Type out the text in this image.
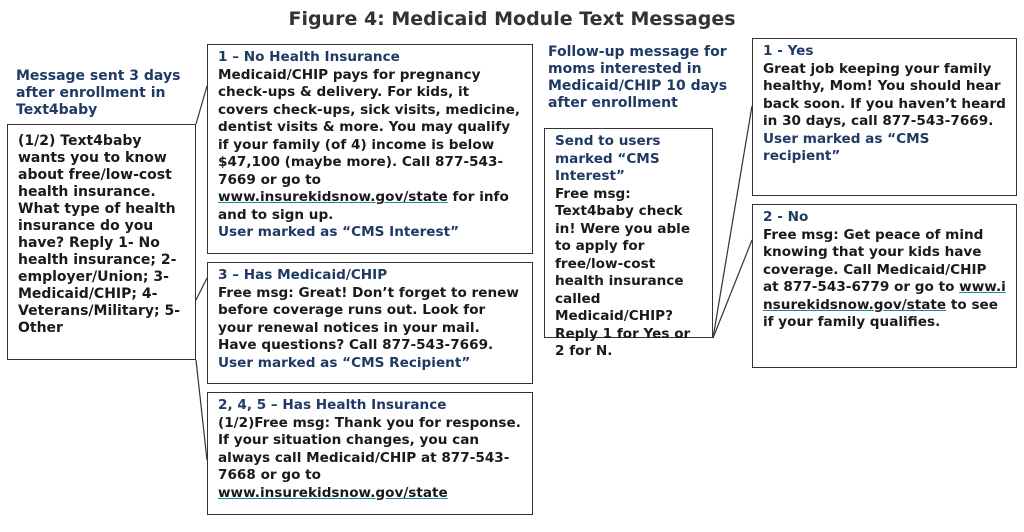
Figure 4: Medicaid Module Text Messages
Message sent 3 days after enrollment in Text4baby
Follow-up message for moms interested in Medicaid/CHIP 10 days after enrollment
(1/2) Text4baby wants you to know about free/low-cost health insurance. What type of health insurance do you have? Reply 1- No health insurance; 2-employer/Union; 3-Medicaid/CHIP; 4-Veterans/Military; 5-Other
1 – No Health Insurance
Medicaid/CHIP pays for pregnancy check-ups & delivery. For kids, it covers check-ups, sick visits, medicine, dentist visits & more. You may qualify if your family (of 4) income is below $47,100 (maybe more). Call 877-543-7669 or go to www.insurekidsnow.gov/state for info and to sign up.
User marked as “CMS Interest”
3 – Has Medicaid/CHIP
Free msg: Great! Don’t forget to renew before coverage runs out. Look for your renewal notices in your mail. Have questions? Call 877-543-7669.
User marked as “CMS Recipient”
2, 4, 5 – Has Health Insurance
(1/2)Free msg: Thank you for response. If your situation changes, you can always call Medicaid/CHIP at 877-543-7668 or go to
www.insurekidsnow.gov/state
Send to users marked “CMS Interest”
Free msg: Text4baby check in! Were you able to apply for free/low-cost health insurance called Medicaid/CHIP? Reply 1 for Yes or 2 for N.
1 - Yes
Great job keeping your family healthy, Mom! You should hear back soon. If you haven’t heard in 30 days, call 877-543-7669.
User marked as “CMS recipient”
2 - No
Free msg: Get peace of mind knowing that your kids have coverage. Call Medicaid/CHIP at 877-543-6779 or go to www.insurekidsnow.gov/state to see if your family qualifies.
